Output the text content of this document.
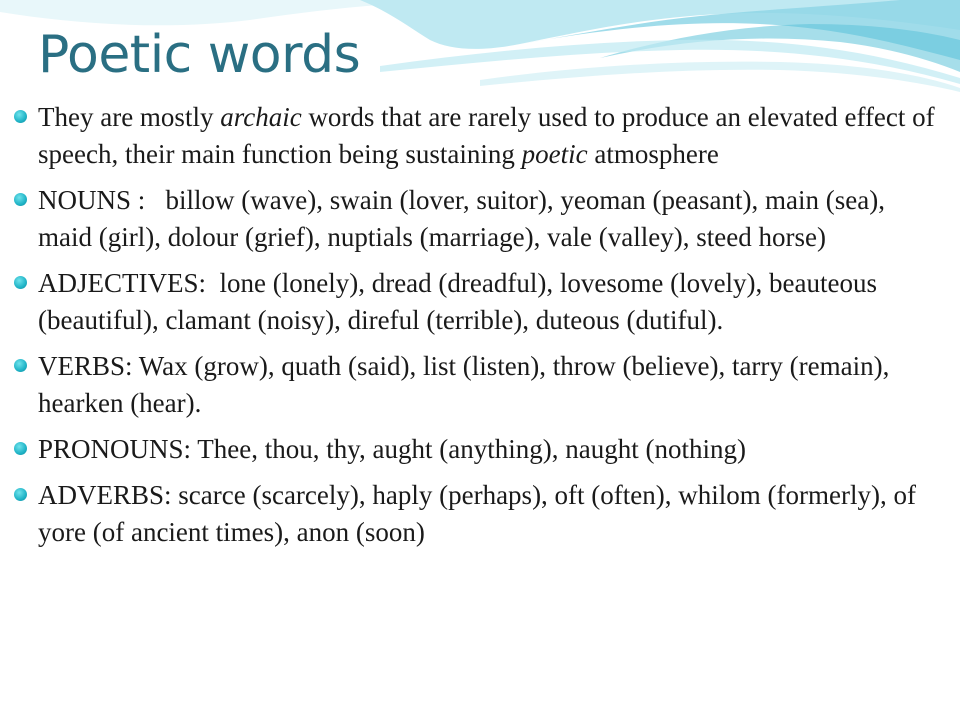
Poetic words
They are mostly archaic words that are rarely used to produce an elevated effect of speech, their main function being sustaining poetic atmosphere
NOUNS :   billow (wave), swain (lover, suitor), yeoman (peasant), main (sea), maid (girl), dolour (grief), nuptials (marriage), vale (valley), steed horse)
ADJECTIVES:  lone (lonely), dread (dreadful), lovesome (lovely), beauteous (beautiful), clamant (noisy), direful (terrible), duteous (dutiful).
VERBS: Wax (grow), quath (said), list (listen), throw (believe), tarry (remain), hearken (hear).
PRONOUNS: Thee, thou, thy, aught (anything), naught (nothing)
ADVERBS: scarce (scarcely), haply (perhaps), oft (often), whilom (formerly), of yore (of ancient times), anon (soon)
